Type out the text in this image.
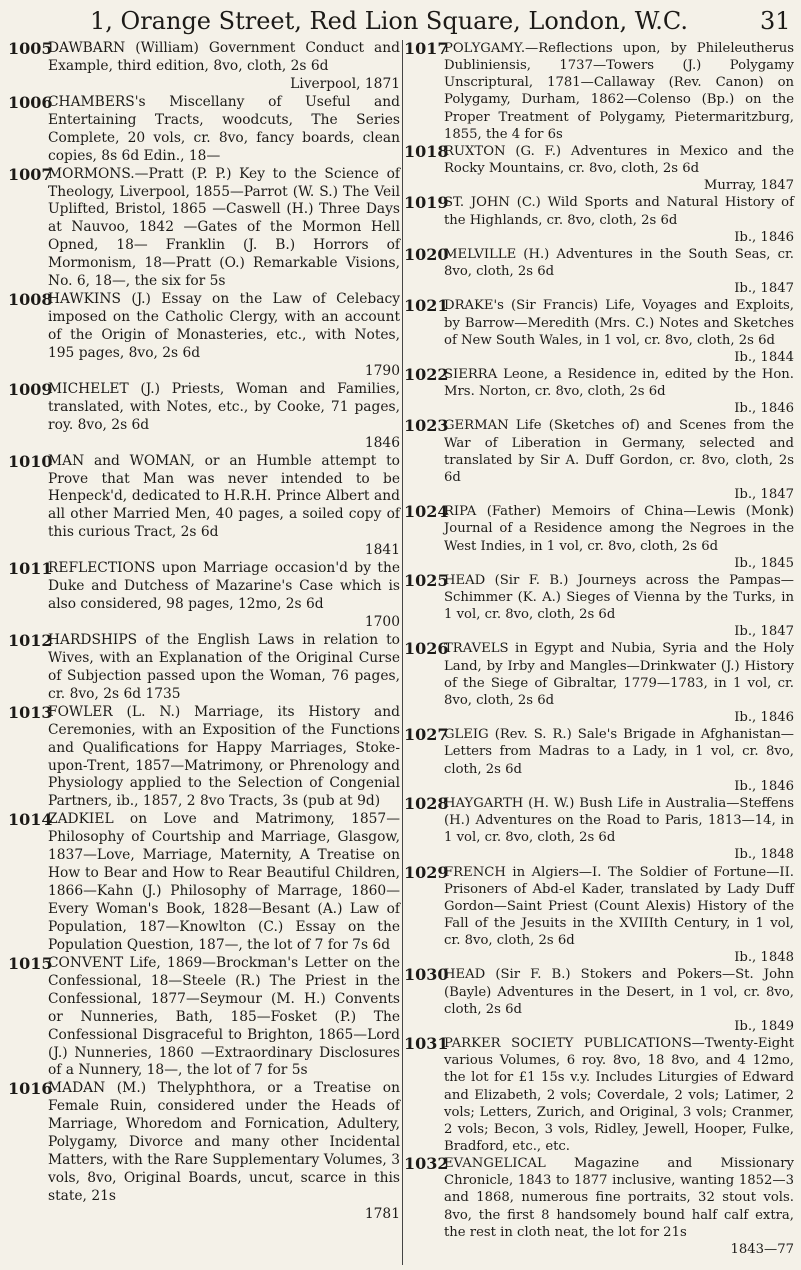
1, Orange Street, Red Lion Square, London, W.C.	31
1005
DAWBARN (William) Government Conduct and Example, third edition, 8vo, cloth, 2s 6d
Liverpool, 1871
1006
CHAMBERS's Miscellany of Useful and Entertaining Tracts, woodcuts, The Series Complete, 20 vols, cr. 8vo, fancy boards, clean copies, 8s 6d Edin., 18—
1007
MORMONS.—Pratt (P. P.) Key to the Science of Theology, Liverpool, 1855—Parrot (W. S.) The Veil Uplifted, Bristol, 1865 —Caswell (H.) Three Days at Nauvoo, 1842 —Gates of the Mormon Hell Opned, 18— Franklin (J. B.) Horrors of Mormonism, 18—Pratt (O.) Remarkable Visions, No. 6, 18—, the six for 5s
1008
HAWKINS (J.) Essay on the Law of Celebacy imposed on the Catholic Clergy, with an account of the Origin of Monasteries, etc., with Notes, 195 pages, 8vo, 2s 6d
1790
1009
MICHELET (J.) Priests, Woman and Families, translated, with Notes, etc., by Cooke, 71 pages, roy. 8vo, 2s 6d
1846
1010
MAN and WOMAN, or an Humble attempt to Prove that Man was never intended to be Henpeck'd, dedicated to H.R.H. Prince Albert and all other Married Men, 40 pages, a soiled copy of this curious Tract, 2s 6d
1841
1011
REFLECTIONS upon Marriage occasion'd by the Duke and Dutchess of Mazarine's Case which is also considered, 98 pages, 12mo, 2s 6d
1700
1012
HARDSHIPS of the English Laws in relation to Wives, with an Explanation of the Original Curse of Subjection passed upon the Woman, 76 pages, cr. 8vo, 2s 6d 1735
1013
FOWLER (L. N.) Marriage, its History and Ceremonies, with an Exposition of the Functions and Qualifications for Happy Marriages, Stoke-upon-Trent, 1857—Matrimony, or Phrenology and Physiology applied to the Selection of Congenial Partners, ib., 1857, 2 8vo Tracts, 3s (pub at 9d)
1014
ZADKIEL on Love and Matrimony, 1857—Philosophy of Courtship and Marriage, Glasgow, 1837—Love, Marriage, Maternity, A Treatise on How to Bear and How to Rear Beautiful Children, 1866—Kahn (J.) Philosophy of Marrage, 1860—Every Woman's Book, 1828—Besant (A.) Law of Population, 187—Knowlton (C.) Essay on the Population Question, 187—, the lot of 7 for 7s 6d
1015
CONVENT Life, 1869—Brockman's Letter on the Confessional, 18—Steele (R.) The Priest in the Confessional, 1877—Seymour (M. H.) Convents or Nunneries, Bath, 185—Fosket (P.) The Confessional Disgraceful to Brighton, 1865—Lord (J.) Nunneries, 1860 —Extraordinary Disclosures of a Nunnery, 18—, the lot of 7 for 5s
1016
MADAN (M.) Thelyphthora, or a Treatise on Female Ruin, considered under the Heads of Marriage, Whoredom and Fornication, Adultery, Polygamy, Divorce and many other Incidental Matters, with the Rare Supplementary Volumes, 3 vols, 8vo, Original Boards, uncut, scarce in this state, 21s
1781
1017
POLYGAMY.—Reflections upon, by Phileleutherus Dubliniensis, 1737—Towers (J.) Polygamy Unscriptural, 1781—Callaway (Rev. Canon) on Polygamy, Durham, 1862—Colenso (Bp.) on the Proper Treatment of Polygamy, Pietermaritzburg, 1855, the 4 for 6s
1018
RUXTON (G. F.) Adventures in Mexico and the Rocky Mountains, cr. 8vo, cloth, 2s 6d
Murray, 1847
1019
ST. JOHN (C.) Wild Sports and Natural History of the Highlands, cr. 8vo, cloth, 2s 6d
Ib., 1846
1020
MELVILLE (H.) Adventures in the South Seas, cr. 8vo, cloth, 2s 6d
Ib., 1847
1021
DRAKE's (Sir Francis) Life, Voyages and Exploits, by Barrow—Meredith (Mrs. C.) Notes and Sketches of New South Wales, in 1 vol, cr. 8vo, cloth, 2s 6d
Ib., 1844
1022
SIERRA Leone, a Residence in, edited by the Hon. Mrs. Norton, cr. 8vo, cloth, 2s 6d
Ib., 1846
1023
GERMAN Life (Sketches of) and Scenes from the War of Liberation in Germany, selected and translated by Sir A. Duff Gordon, cr. 8vo, cloth, 2s 6d
Ib., 1847
1024
RIPA (Father) Memoirs of China—Lewis (Monk) Journal of a Residence among the Negroes in the West Indies, in 1 vol, cr. 8vo, cloth, 2s 6d
Ib., 1845
1025
HEAD (Sir F. B.) Journeys across the Pampas—Schimmer (K. A.) Sieges of Vienna by the Turks, in 1 vol, cr. 8vo, cloth, 2s 6d
Ib., 1847
1026
TRAVELS in Egypt and Nubia, Syria and the Holy Land, by Irby and Mangles—Drinkwater (J.) History of the Siege of Gibraltar, 1779—1783, in 1 vol, cr. 8vo, cloth, 2s 6d
Ib., 1846
1027
GLEIG (Rev. S. R.) Sale's Brigade in Afghanistan—Letters from Madras to a Lady, in 1 vol, cr. 8vo, cloth, 2s 6d
Ib., 1846
1028
HAYGARTH (H. W.) Bush Life in Australia—Steffens (H.) Adventures on the Road to Paris, 1813—14, in 1 vol, cr. 8vo, cloth, 2s 6d
Ib., 1848
1029
FRENCH in Algiers—I. The Soldier of Fortune—II. Prisoners of Abd-el Kader, translated by Lady Duff Gordon—Saint Priest (Count Alexis) History of the Fall of the Jesuits in the XVIIIth Century, in 1 vol, cr. 8vo, cloth, 2s 6d
Ib., 1848
1030
HEAD (Sir F. B.) Stokers and Pokers—St. John (Bayle) Adventures in the Desert, in 1 vol, cr. 8vo, cloth, 2s 6d
Ib., 1849
1031
PARKER SOCIETY PUBLICATIONS—Twenty-Eight various Volumes, 6 roy. 8vo, 18 8vo, and 4 12mo, the lot for £1 15s v.y. Includes Liturgies of Edward and Elizabeth, 2 vols; Coverdale, 2 vols; Latimer, 2 vols; Letters, Zurich, and Original, 3 vols; Cranmer, 2 vols; Becon, 3 vols, Ridley, Jewell, Hooper, Fulke, Bradford, etc., etc.
1032
EVANGELICAL Magazine and Missionary Chronicle, 1843 to 1877 inclusive, wanting 1852—3 and 1868, numerous fine portraits, 32 stout vols. 8vo, the first 8 handsomely bound half calf extra, the rest in cloth neat, the lot for 21s
1843—77
